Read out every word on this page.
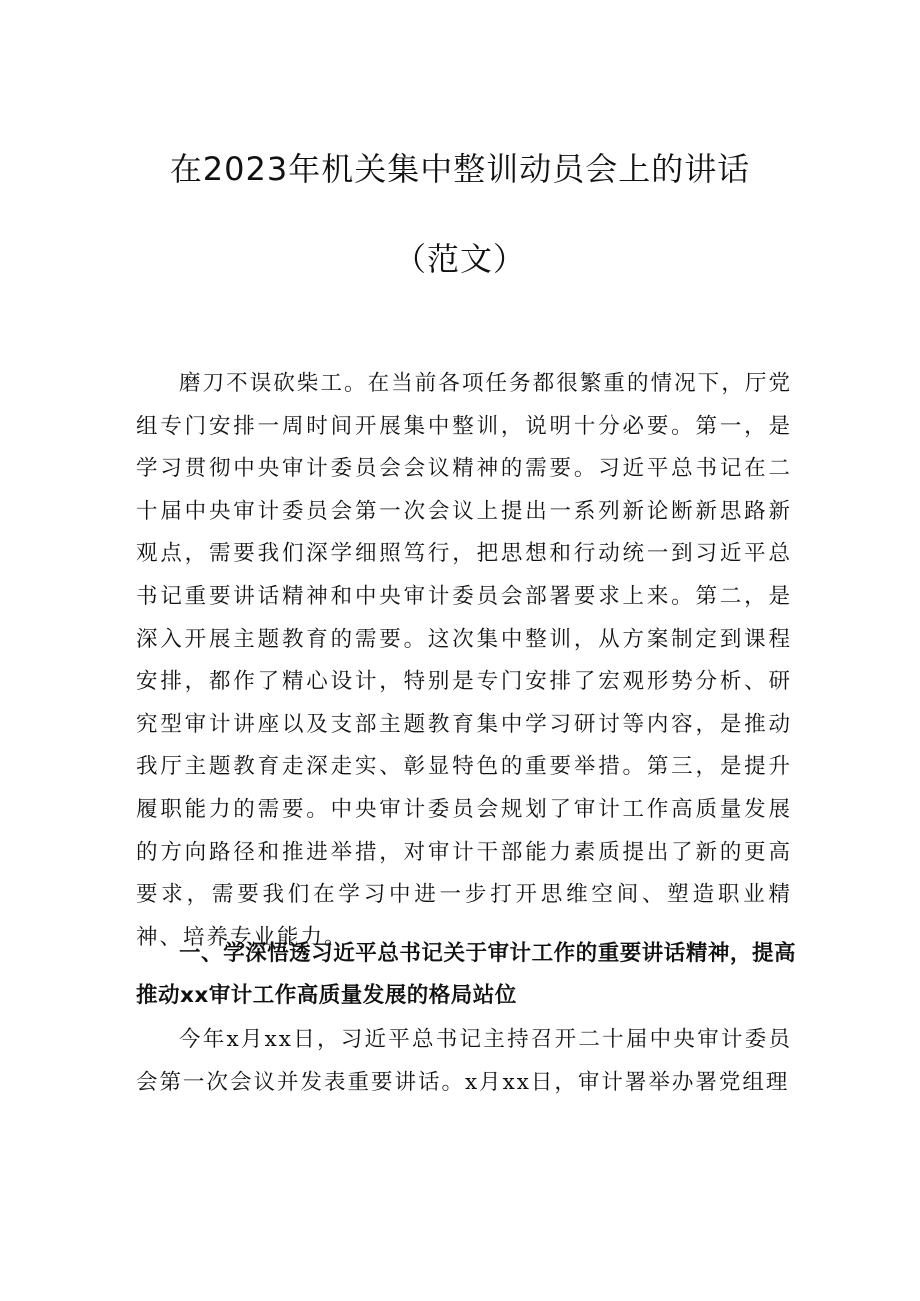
在2023年机关集中整训动员会上的讲话
（范文）

磨刀不误砍柴工。在当前各项任务都很繁重的情况下，厅党组专门安排一周时间开展集中整训，说明十分必要。第一，是学习贯彻中央审计委员会会议精神的需要。习近平总书记在二十届中央审计委员会第一次会议上提出一系列新论断新思路新观点，需要我们深学细照笃行，把思想和行动统一到习近平总书记重要讲话精神和中央审计委员会部署要求上来。第二，是深入开展主题教育的需要。这次集中整训，从方案制定到课程安排，都作了精心设计，特别是专门安排了宏观形势分析、研究型审计讲座以及支部主题教育集中学习研讨等内容，是推动我厅主题教育走深走实、彰显特色的重要举措。第三，是提升履职能力的需要。中央审计委员会规划了审计工作高质量发展的方向路径和推进举措，对审计干部能力素质提出了新的更高要求，需要我们在学习中进一步打开思维空间、塑造职业精神、培养专业能力。

一、学深悟透习近平总书记关于审计工作的重要讲话精神，提高推动xx审计工作高质量发展的格局站位

今年x月xx日，习近平总书记主持召开二十届中央审计委员会第一次会议并发表重要讲话。x月xx日，审计署举办署党组理
